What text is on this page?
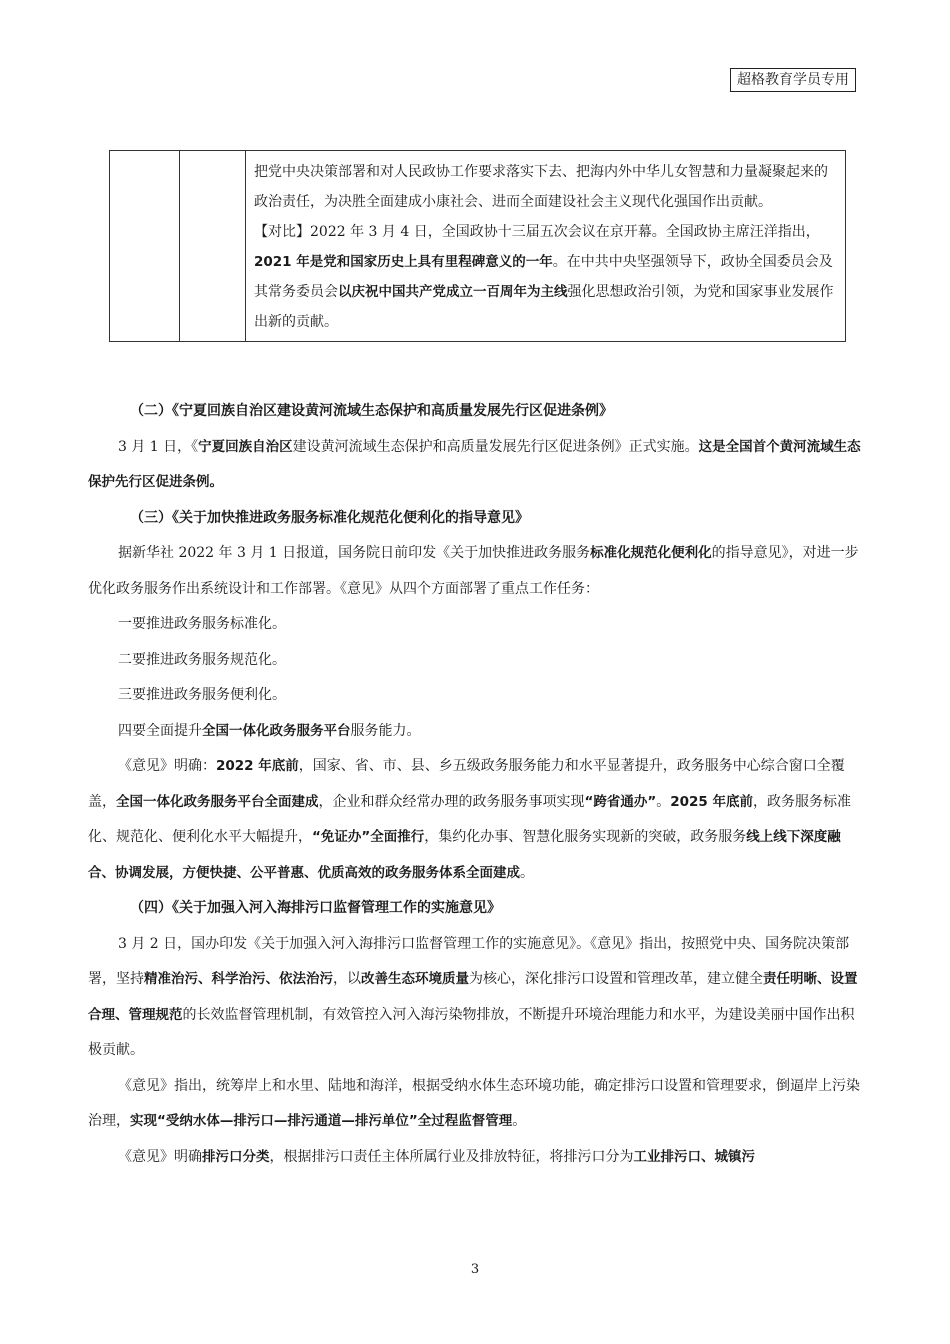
超格教育学员专用

把党中央决策部署和对人民政协工作要求落实下去、把海内外中华儿女智慧和力量凝聚起来的政治责任，为决胜全面建成小康社会、进而全面建设社会主义现代化强国作出贡献。

【对比】2022 年 3 月 4 日，全国政协十三届五次会议在京开幕。全国政协主席汪洋指出，2021 年是党和国家历史上具有里程碑意义的一年。在中共中央坚强领导下，政协全国委员会及其常务委员会以庆祝中国共产党成立一百周年为主线强化思想政治引领，为党和国家事业发展作出新的贡献。

（二）《宁夏回族自治区建设黄河流域生态保护和高质量发展先行区促进条例》

3 月 1 日，《宁夏回族自治区建设黄河流域生态保护和高质量发展先行区促进条例》正式实施。这是全国首个黄河流域生态保护先行区促进条例。

（三）《关于加快推进政务服务标准化规范化便利化的指导意见》

据新华社 2022 年 3 月 1 日报道，国务院日前印发《关于加快推进政务服务标准化规范化便利化的指导意见》，对进一步优化政务服务作出系统设计和工作部署。《意见》从四个方面部署了重点工作任务：

一要推进政务服务标准化。

二要推进政务服务规范化。

三要推进政务服务便利化。

四要全面提升全国一体化政务服务平台服务能力。

《意见》明确：2022 年底前，国家、省、市、县、乡五级政务服务能力和水平显著提升，政务服务中心综合窗口全覆盖，全国一体化政务服务平台全面建成，企业和群众经常办理的政务服务事项实现“跨省通办”。2025 年底前，政务服务标准化、规范化、便利化水平大幅提升，“免证办”全面推行，集约化办事、智慧化服务实现新的突破，政务服务线上线下深度融合、协调发展，方便快捷、公平普惠、优质高效的政务服务体系全面建成。

（四）《关于加强入河入海排污口监督管理工作的实施意见》

3 月 2 日，国办印发《关于加强入河入海排污口监督管理工作的实施意见》。《意见》指出，按照党中央、国务院决策部署，坚持精准治污、科学治污、依法治污，以改善生态环境质量为核心，深化排污口设置和管理改革，建立健全责任明晰、设置合理、管理规范的长效监督管理机制，有效管控入河入海污染物排放，不断提升环境治理能力和水平，为建设美丽中国作出积极贡献。

《意见》指出，统筹岸上和水里、陆地和海洋，根据受纳水体生态环境功能，确定排污口设置和管理要求，倒逼岸上污染治理，实现“受纳水体—排污口—排污通道—排污单位”全过程监督管理。

《意见》明确排污口分类，根据排污口责任主体所属行业及排放特征，将排污口分为工业排污口、城镇污

3
